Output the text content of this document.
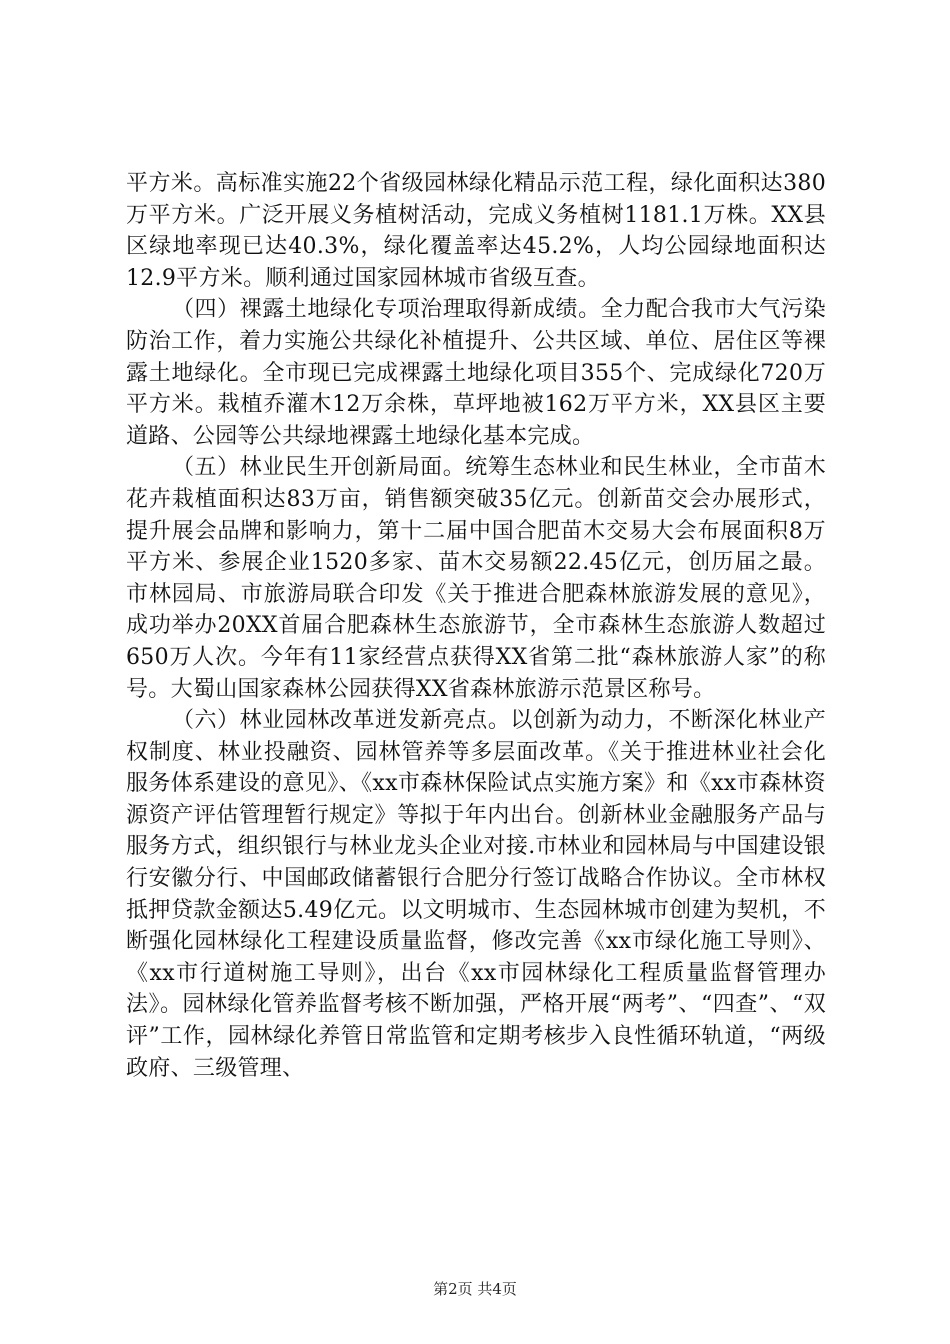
平方米。高标准实施22个省级园林绿化精品示范工程，绿化面积达380万平方米。广泛开展义务植树活动，完成义务植树1181.1万株。XX县区绿地率现已达40.3%，绿化覆盖率达45.2%，人均公园绿地面积达12.9平方米。顺利通过国家园林城市省级互查。

（四）裸露土地绿化专项治理取得新成绩。全力配合我市大气污染防治工作，着力实施公共绿化补植提升、公共区域、单位、居住区等裸露土地绿化。全市现已完成裸露土地绿化项目355个、完成绿化720万平方米。栽植乔灌木12万余株，草坪地被162万平方米，XX县区主要道路、公园等公共绿地裸露土地绿化基本完成。

（五）林业民生开创新局面。统筹生态林业和民生林业，全市苗木花卉栽植面积达83万亩，销售额突破35亿元。创新苗交会办展形式，提升展会品牌和影响力，第十二届中国合肥苗木交易大会布展面积8万平方米、参展企业1520多家、苗木交易额22.45亿元，创历届之最。市林园局、市旅游局联合印发《关于推进合肥森林旅游发展的意见》，成功举办20XX首届合肥森林生态旅游节，全市森林生态旅游人数超过650万人次。今年有11家经营点获得XX省第二批“森林旅游人家”的称号。大蜀山国家森林公园获得XX省森林旅游示范景区称号。

（六）林业园林改革迸发新亮点。以创新为动力，不断深化林业产权制度、林业投融资、园林管养等多层面改革。《关于推进林业社会化服务体系建设的意见》、《xx市森林保险试点实施方案》和《xx市森林资源资产评估管理暂行规定》等拟于年内出台。创新林业金融服务产品与服务方式，组织银行与林业龙头企业对接.市林业和园林局与中国建设银行安徽分行、中国邮政储蓄银行合肥分行签订战略合作协议。全市林权抵押贷款金额达5.49亿元。以文明城市、生态园林城市创建为契机，不断强化园林绿化工程建设质量监督，修改完善《xx市绿化施工导则》、《xx市行道树施工导则》，出台《xx市园林绿化工程质量监督管理办法》。园林绿化管养监督考核不断加强，严格开展“两考”、“四查”、“双评”工作，园林绿化养管日常监管和定期考核步入良性循环轨道，“两级政府、三级管理、

第2页 共4页
